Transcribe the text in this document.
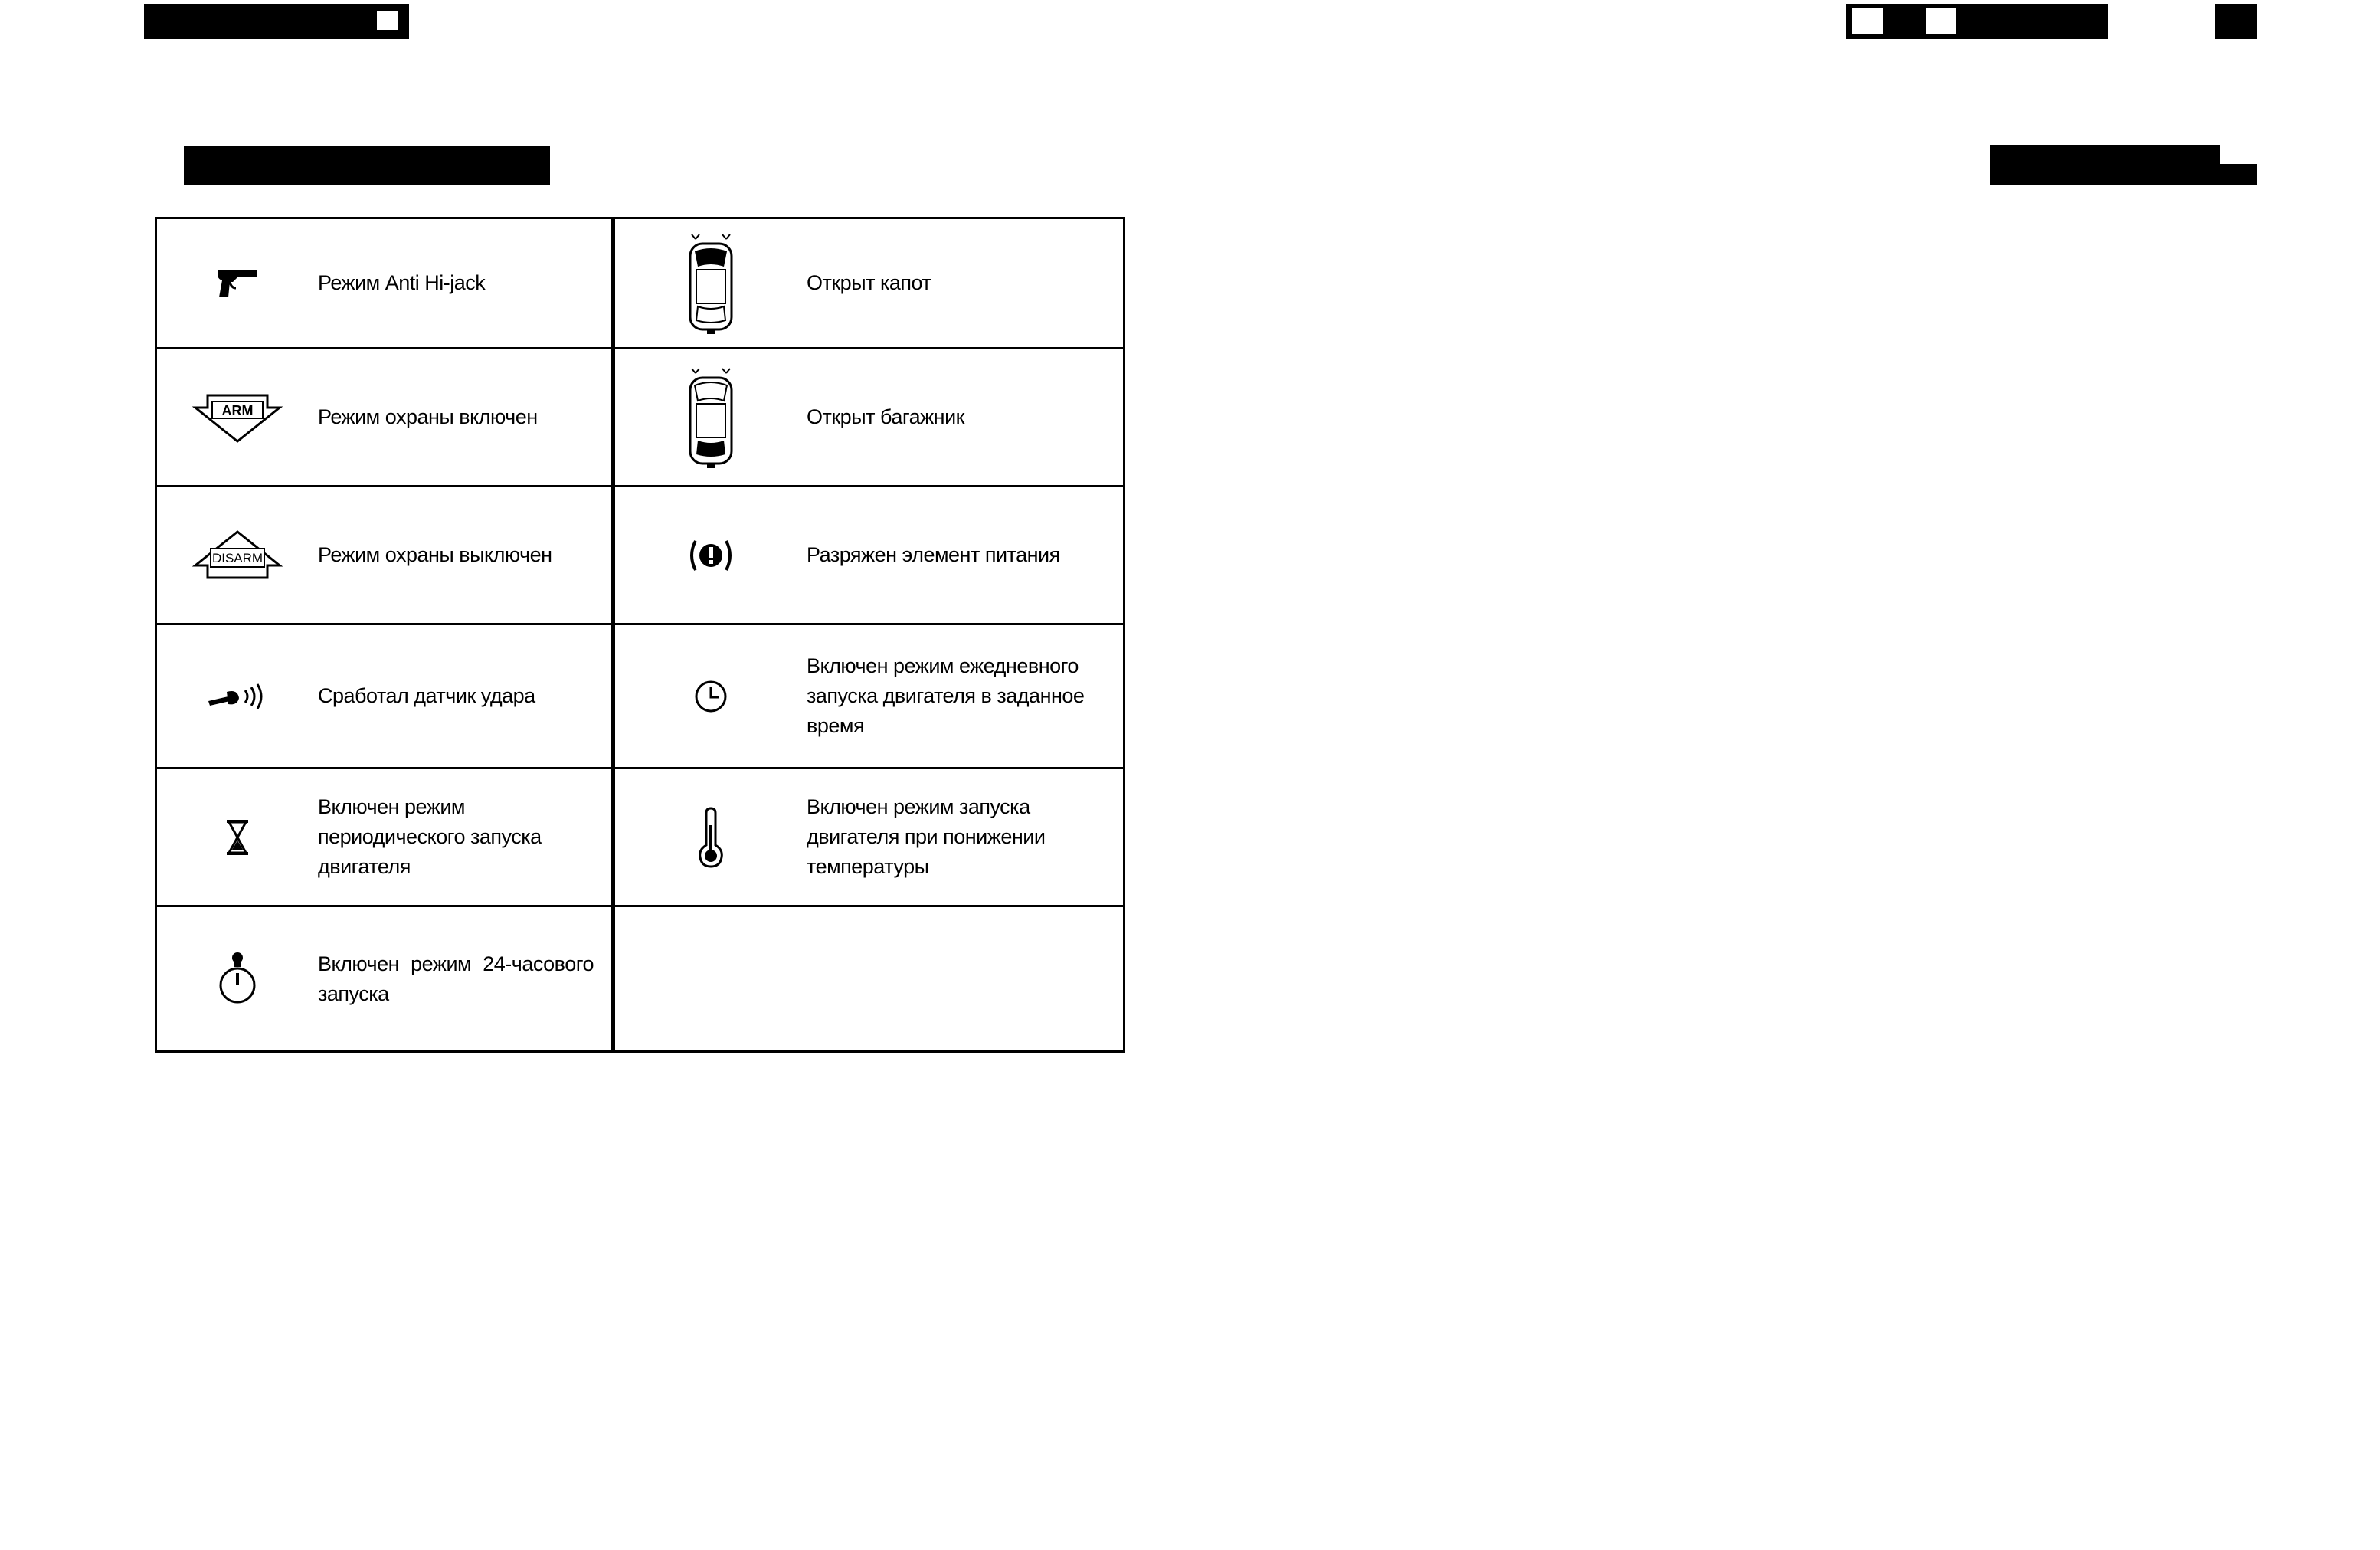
Режим Anti Hi-jack	Открыт капот

ARM Режим охраны включен	Открыт багажник

DISARM Режим охраны выключен	Разряжен элемент питания

Сработал датчик удара	Включен режим ежедневного запуска двигателя в заданное время

Включен режим периодического запуска двигателя	Включен режим запуска двигателя при понижении температуры

Включен режим 24-часового запуска	
